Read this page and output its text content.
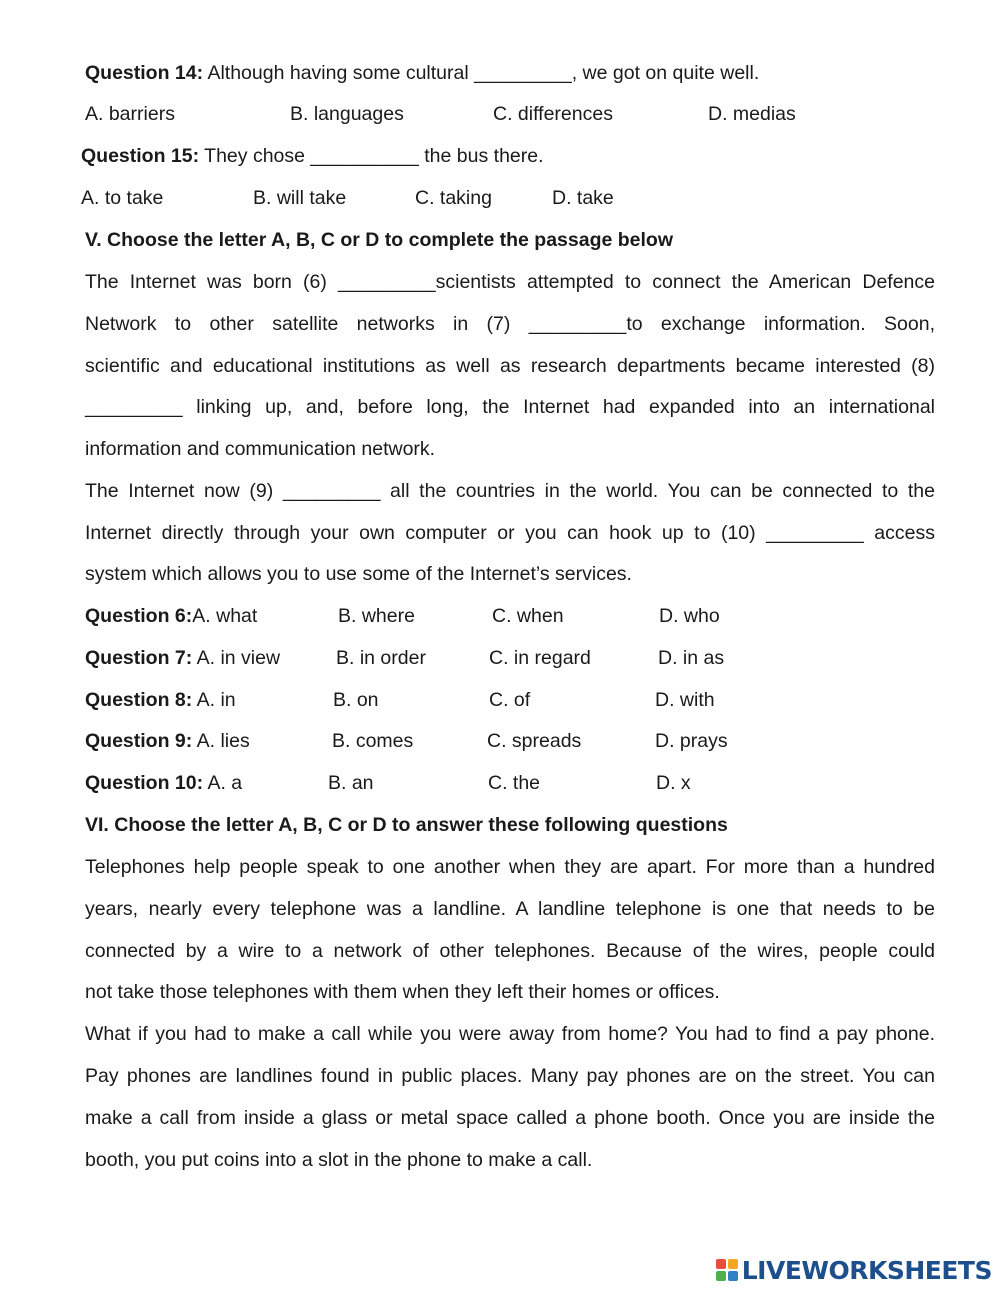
Question 14: Although having some cultural _________, we got on quite well.
A. barriers	B. languages	C. differences	D. medias
Question 15: They chose __________ the bus there.
A. to take	B. will take	C. taking	D. take
V. Choose the letter A, B, C or D to complete the passage below
The Internet was born (6) _________scientists attempted to connect the American Defence
Network to other satellite networks in (7) _________to exchange information. Soon,
scientific and educational institutions as well as research departments became interested (8)
_________ linking up, and, before long, the Internet had expanded into an international
information and communication network.
The Internet now (9) _________ all the countries in the world. You can be connected to the
Internet directly through your own computer or you can hook up to (10) _________ access
system which allows you to use some of the Internet’s services.
Question 6:A. what	B. where	C. when	D. who
Question 7: A. in view	B. in order	C. in regard	D. in as
Question 8: A. in	B. on	C. of	D. with
Question 9: A. lies	B. comes	C. spreads	D. prays
Question 10: A. a	B. an	C. the	D. x
VI. Choose the letter A, B, C or D to answer these following questions
Telephones help people speak to one another when they are apart. For more than a hundred
years, nearly every telephone was a landline. A landline telephone is one that needs to be
connected by a wire to a network of other telephones. Because of the wires, people could
not take those telephones with them when they left their homes or offices.
What if you had to make a call while you were away from home? You had to find a pay phone.
Pay phones are landlines found in public places. Many pay phones are on the street. You can
make a call from inside a glass or metal space called a phone booth. Once you are inside the
booth, you put coins into a slot in the phone to make a call.
LIVEWORKSHEETS
